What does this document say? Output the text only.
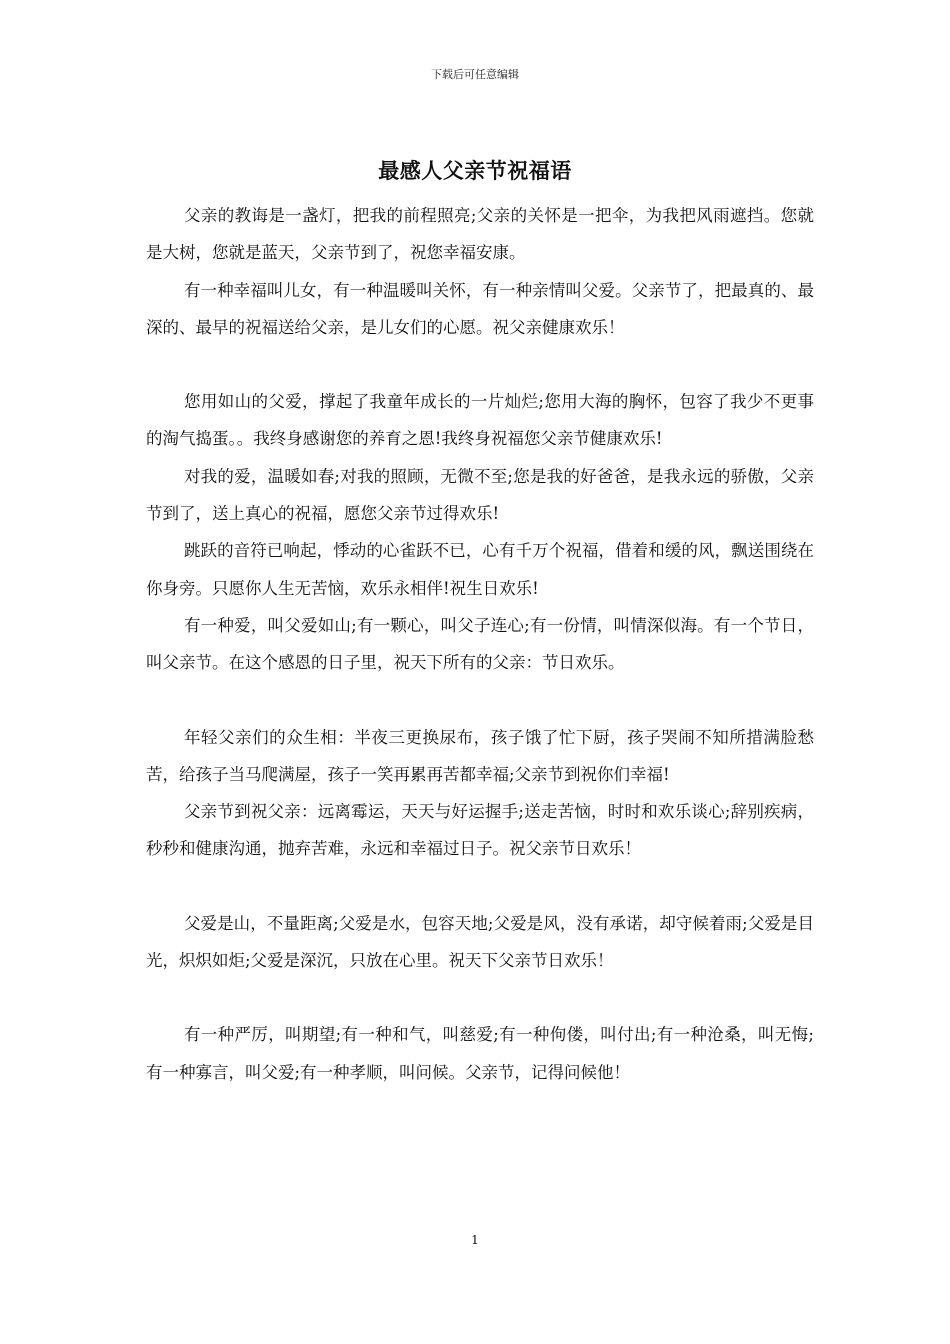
下载后可任意编辑
最感人父亲节祝福语

父亲的教诲是一盏灯，把我的前程照亮;父亲的关怀是一把伞，为我把风雨遮挡。您就是大树，您就是蓝天，父亲节到了，祝您幸福安康。

有一种幸福叫儿女，有一种温暖叫关怀，有一种亲情叫父爱。父亲节了，把最真的、最深的、最早的祝福送给父亲，是儿女们的心愿。祝父亲健康欢乐！

您用如山的父爱，撑起了我童年成长的一片灿烂;您用大海的胸怀，包容了我少不更事的淘气捣蛋。。我终身感谢您的养育之恩!我终身祝福您父亲节健康欢乐!

对我的爱，温暖如春;对我的照顾，无微不至;您是我的好爸爸，是我永远的骄傲，父亲节到了，送上真心的祝福，愿您父亲节过得欢乐!

跳跃的音符已响起，悸动的心雀跃不已，心有千万个祝福，借着和缓的风，飘送围绕在你身旁。只愿你人生无苦恼，欢乐永相伴!祝生日欢乐!

有一种爱，叫父爱如山;有一颗心，叫父子连心;有一份情，叫情深似海。有一个节日，叫父亲节。在这个感恩的日子里，祝天下所有的父亲：节日欢乐。

年轻父亲们的众生相：半夜三更换尿布，孩子饿了忙下厨，孩子哭闹不知所措满脸愁苦，给孩子当马爬满屋，孩子一笑再累再苦都幸福;父亲节到祝你们幸福!

父亲节到祝父亲：远离霉运，天天与好运握手;送走苦恼，时时和欢乐谈心;辞别疾病，秒秒和健康沟通，抛弃苦难，永远和幸福过日子。祝父亲节日欢乐！

父爱是山，不量距离;父爱是水，包容天地;父爱是风，没有承诺，却守候着雨;父爱是目光，炽炽如炬;父爱是深沉，只放在心里。祝天下父亲节日欢乐！

有一种严厉，叫期望;有一种和气，叫慈爱;有一种佝偻，叫付出;有一种沧桑，叫无悔;有一种寡言，叫父爱;有一种孝顺，叫问候。父亲节，记得问候他！

1
